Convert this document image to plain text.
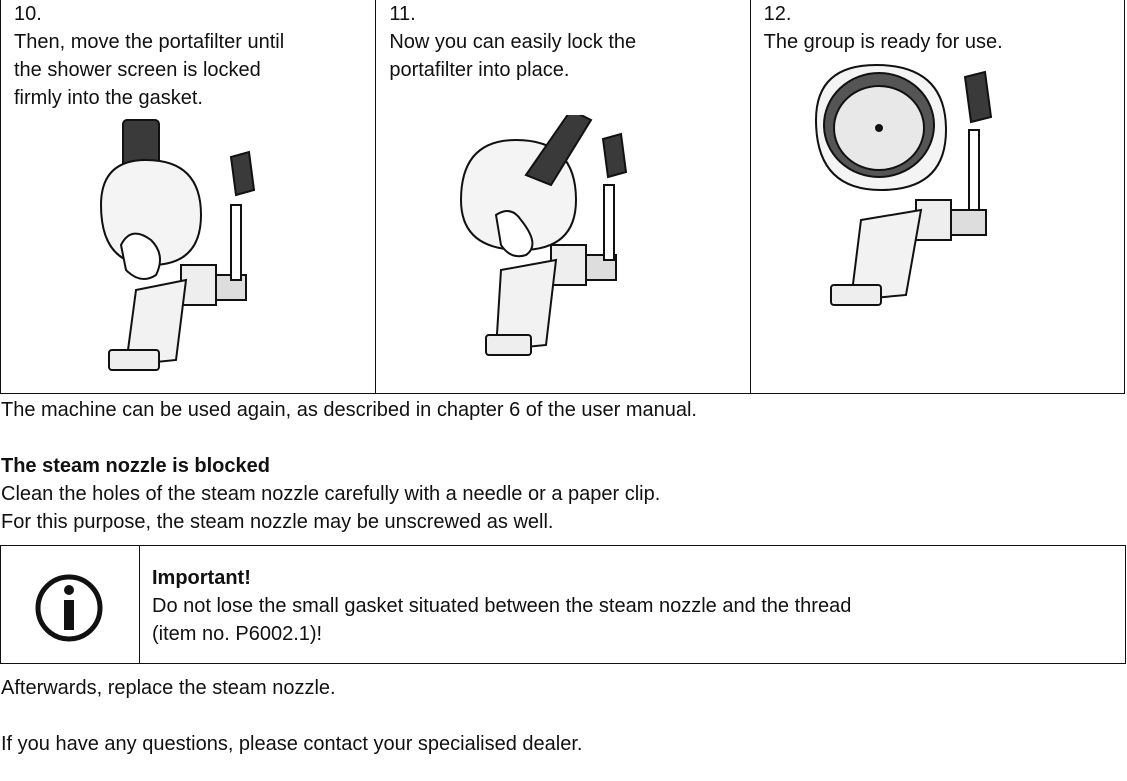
10.
Then, move the portafilter until
the shower screen is locked
firmly into the gasket.
11.
Now you can easily lock the
portafilter into place.
12.
The group is ready for use.
The machine can be used again, as described in chapter 6 of the user manual.
The steam nozzle is blocked
Clean the holes of the steam nozzle carefully with a needle or a paper clip.
For this purpose, the steam nozzle may be unscrewed as well.
Important!
Do not lose the small gasket situated between the steam nozzle and the thread
(item no. P6002.1)!
Afterwards, replace the steam nozzle.
If you have any questions, please contact your specialised dealer.
